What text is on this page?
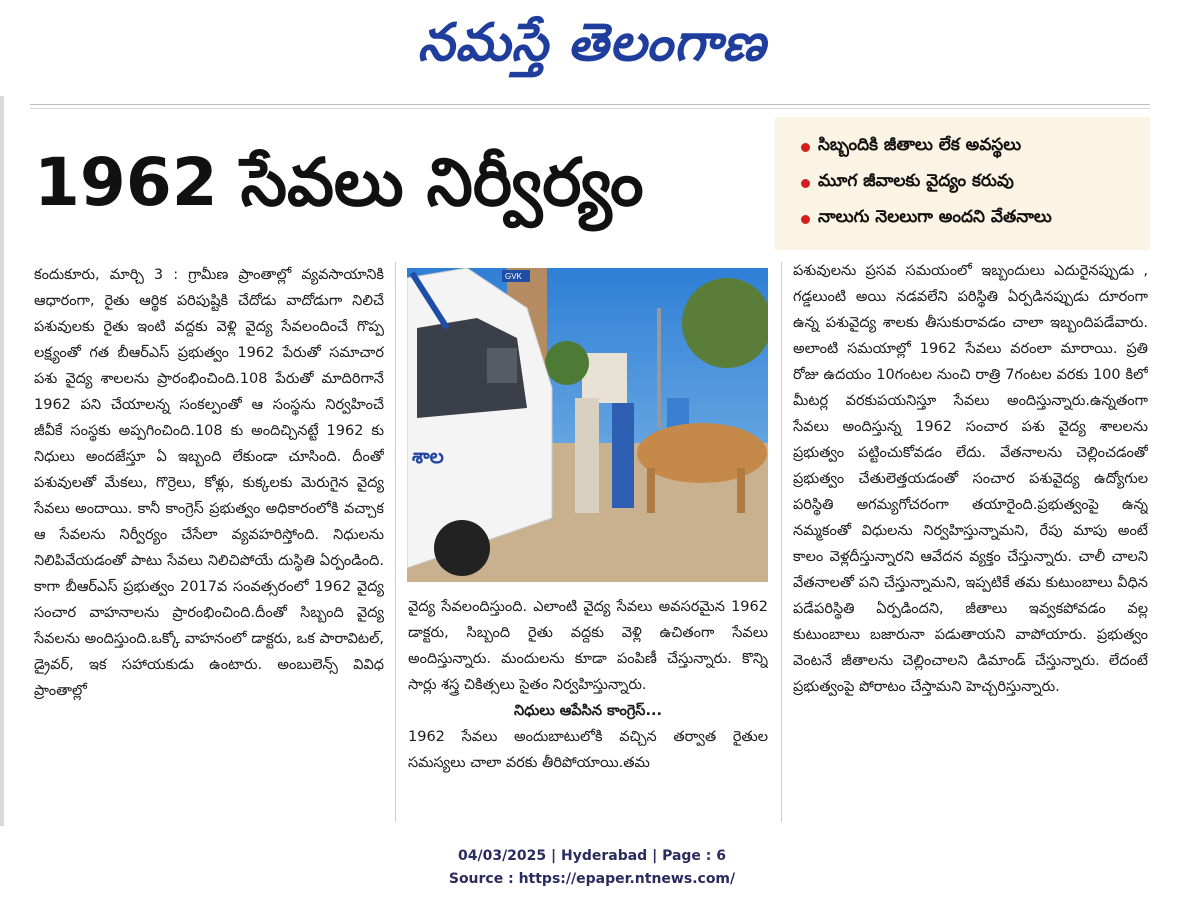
నమస్తే తెలంగాణ
1962 సేవలు నిర్వీర్యం	సిబ్బందికి జీతాలు లేక అవస్థలు
మూగ జీవాలకు వైద్యం కరువు
నాలుగు నెలలుగా అందని వేతనాలు

కందుకూరు, మార్చి 3 : గ్రామీణ ప్రాంతాల్లో వ్యవసాయానికి ఆధారంగా, రైతు ఆర్థిక పరిపుష్టికి చేదోడు వాదోడుగా నిలిచే పశువులకు రైతు ఇంటి వద్దకు వెళ్లి వైద్య సేవలందించే గొప్ప లక్ష్యంతో గత బీఆర్ఎస్ ప్రభుత్వం 1962 పేరుతో సమాచార పశు వైద్య శాలలను ప్రారంభించింది.108 పేరుతో మాదిరిగానే 1962 పని చేయాలన్న సంకల్పంతో ఆ సంస్థను నిర్వహించే జీవీకే సంస్థకు అప్పగించింది.108 కు అందిచ్చినట్టే 1962 కు నిధులు అందజేస్తూ ఏ ఇబ్బంది లేకుండా చూసింది. దీంతో పశువులతో మేకలు, గొర్రెలు, కోళ్లు, కుక్కలకు మెరుగైన వైద్య సేవలు అందాయి. కానీ కాంగ్రెస్ ప్రభుత్వం అధికారంలోకి వచ్చాక ఆ సేవలను నిర్వీర్యం చేసేలా వ్యవహరిస్తోంది. నిధులను నిలిపివేయడంతో పాటు సేవలు నిలిచిపోయే దుస్థితి ఏర్పండింది. కాగా బీఆర్ఎస్ ప్రభుత్వం 2017వ సంవత్సరంలో 1962 వైద్య సంచార వాహనాలను ప్రారంభించింది.దీంతో సిబ్బంది వైద్య సేవలను అందిస్తుంది.ఒక్కో వాహనంలో డాక్టరు, ఒక పారావిటల్, డ్రైవర్, ఇక సహాయకుడు ఉంటారు. అంబులెన్స్ వివిధ ప్రాంతాల్లో

GVK
శాల

వైద్య సేవలందిస్తుంది. ఎలాంటి వైద్య సేవలు అవసరమైన 1962 డాక్టరు, సిబ్బంది రైతు వద్దకు వెళ్లి ఉచితంగా సేవలు అందిస్తున్నారు. మందులను కూడా పంపిణీ చేస్తున్నారు. కొన్ని సార్లు శస్త్ర చికిత్సలు సైతం నిర్వహిస్తున్నారు.

నిధులు ఆపేసిన కాంగ్రెస్...

1962 సేవలు అందుబాటులోకి వచ్చిన తర్వాత రైతుల సమస్యలు చాలా వరకు తీరిపోయాయి.తమ

పశువులను ప్రసవ సమయంలో ఇబ్బందులు ఎదురైనప్పుడు , గడ్డలుంటి అయి నడవలేని పరిస్థితి ఏర్పడినప్పుడు దూరంగా ఉన్న పశువైద్య శాలకు తీసుకురావడం చాలా ఇబ్బందిపడేవారు. అలాంటి సమయాల్లో 1962 సేవలు వరంలా మారాయి. ప్రతి రోజు ఉదయం 10గంటల నుంచి రాత్రి 7గంటల వరకు 100 కిలో మీటర్ల వరకుపయనిస్తూ సేవలు అందిస్తున్నారు.ఉన్నతంగా సేవలు అందిస్తున్న 1962 సంచార పశు వైద్య శాలలను ప్రభుత్వం పట్టించుకోవడం లేదు. వేతనాలను చెల్లించడంతో ప్రభుత్వం చేతులెత్తయడంతో సంచార పశువైద్య ఉద్యోగుల పరిస్థితి అగమ్యగోచరంగా తయారైంది.ప్రభుత్వంపై ఉన్న నమ్మకంతో విధులను నిర్వహిస్తున్నామని, రేపు మాపు అంటే కాలం వెళ్లదీస్తున్నారని ఆవేదన వ్యక్తం చేస్తున్నారు. చాలీ చాలని వేతనాలతో పని చేస్తున్నామని, ఇప్పటికే తమ కుటుంబాలు వీధిన పడేపరిస్థితి ఏర్పడిందని, జీతాలు ఇవ్వకపోవడం వల్ల కుటుంబాలు బజారునా పడుతాయని వాపోయారు. ప్రభుత్వం వెంటనే జీతాలను చెల్లించాలని డిమాండ్ చేస్తున్నారు. లేదంటే ప్రభుత్వంపై పోరాటం చేస్తామని హెచ్చరిస్తున్నారు.

04/03/2025 | Hyderabad | Page : 6
Source : https://epaper.ntnews.com/
